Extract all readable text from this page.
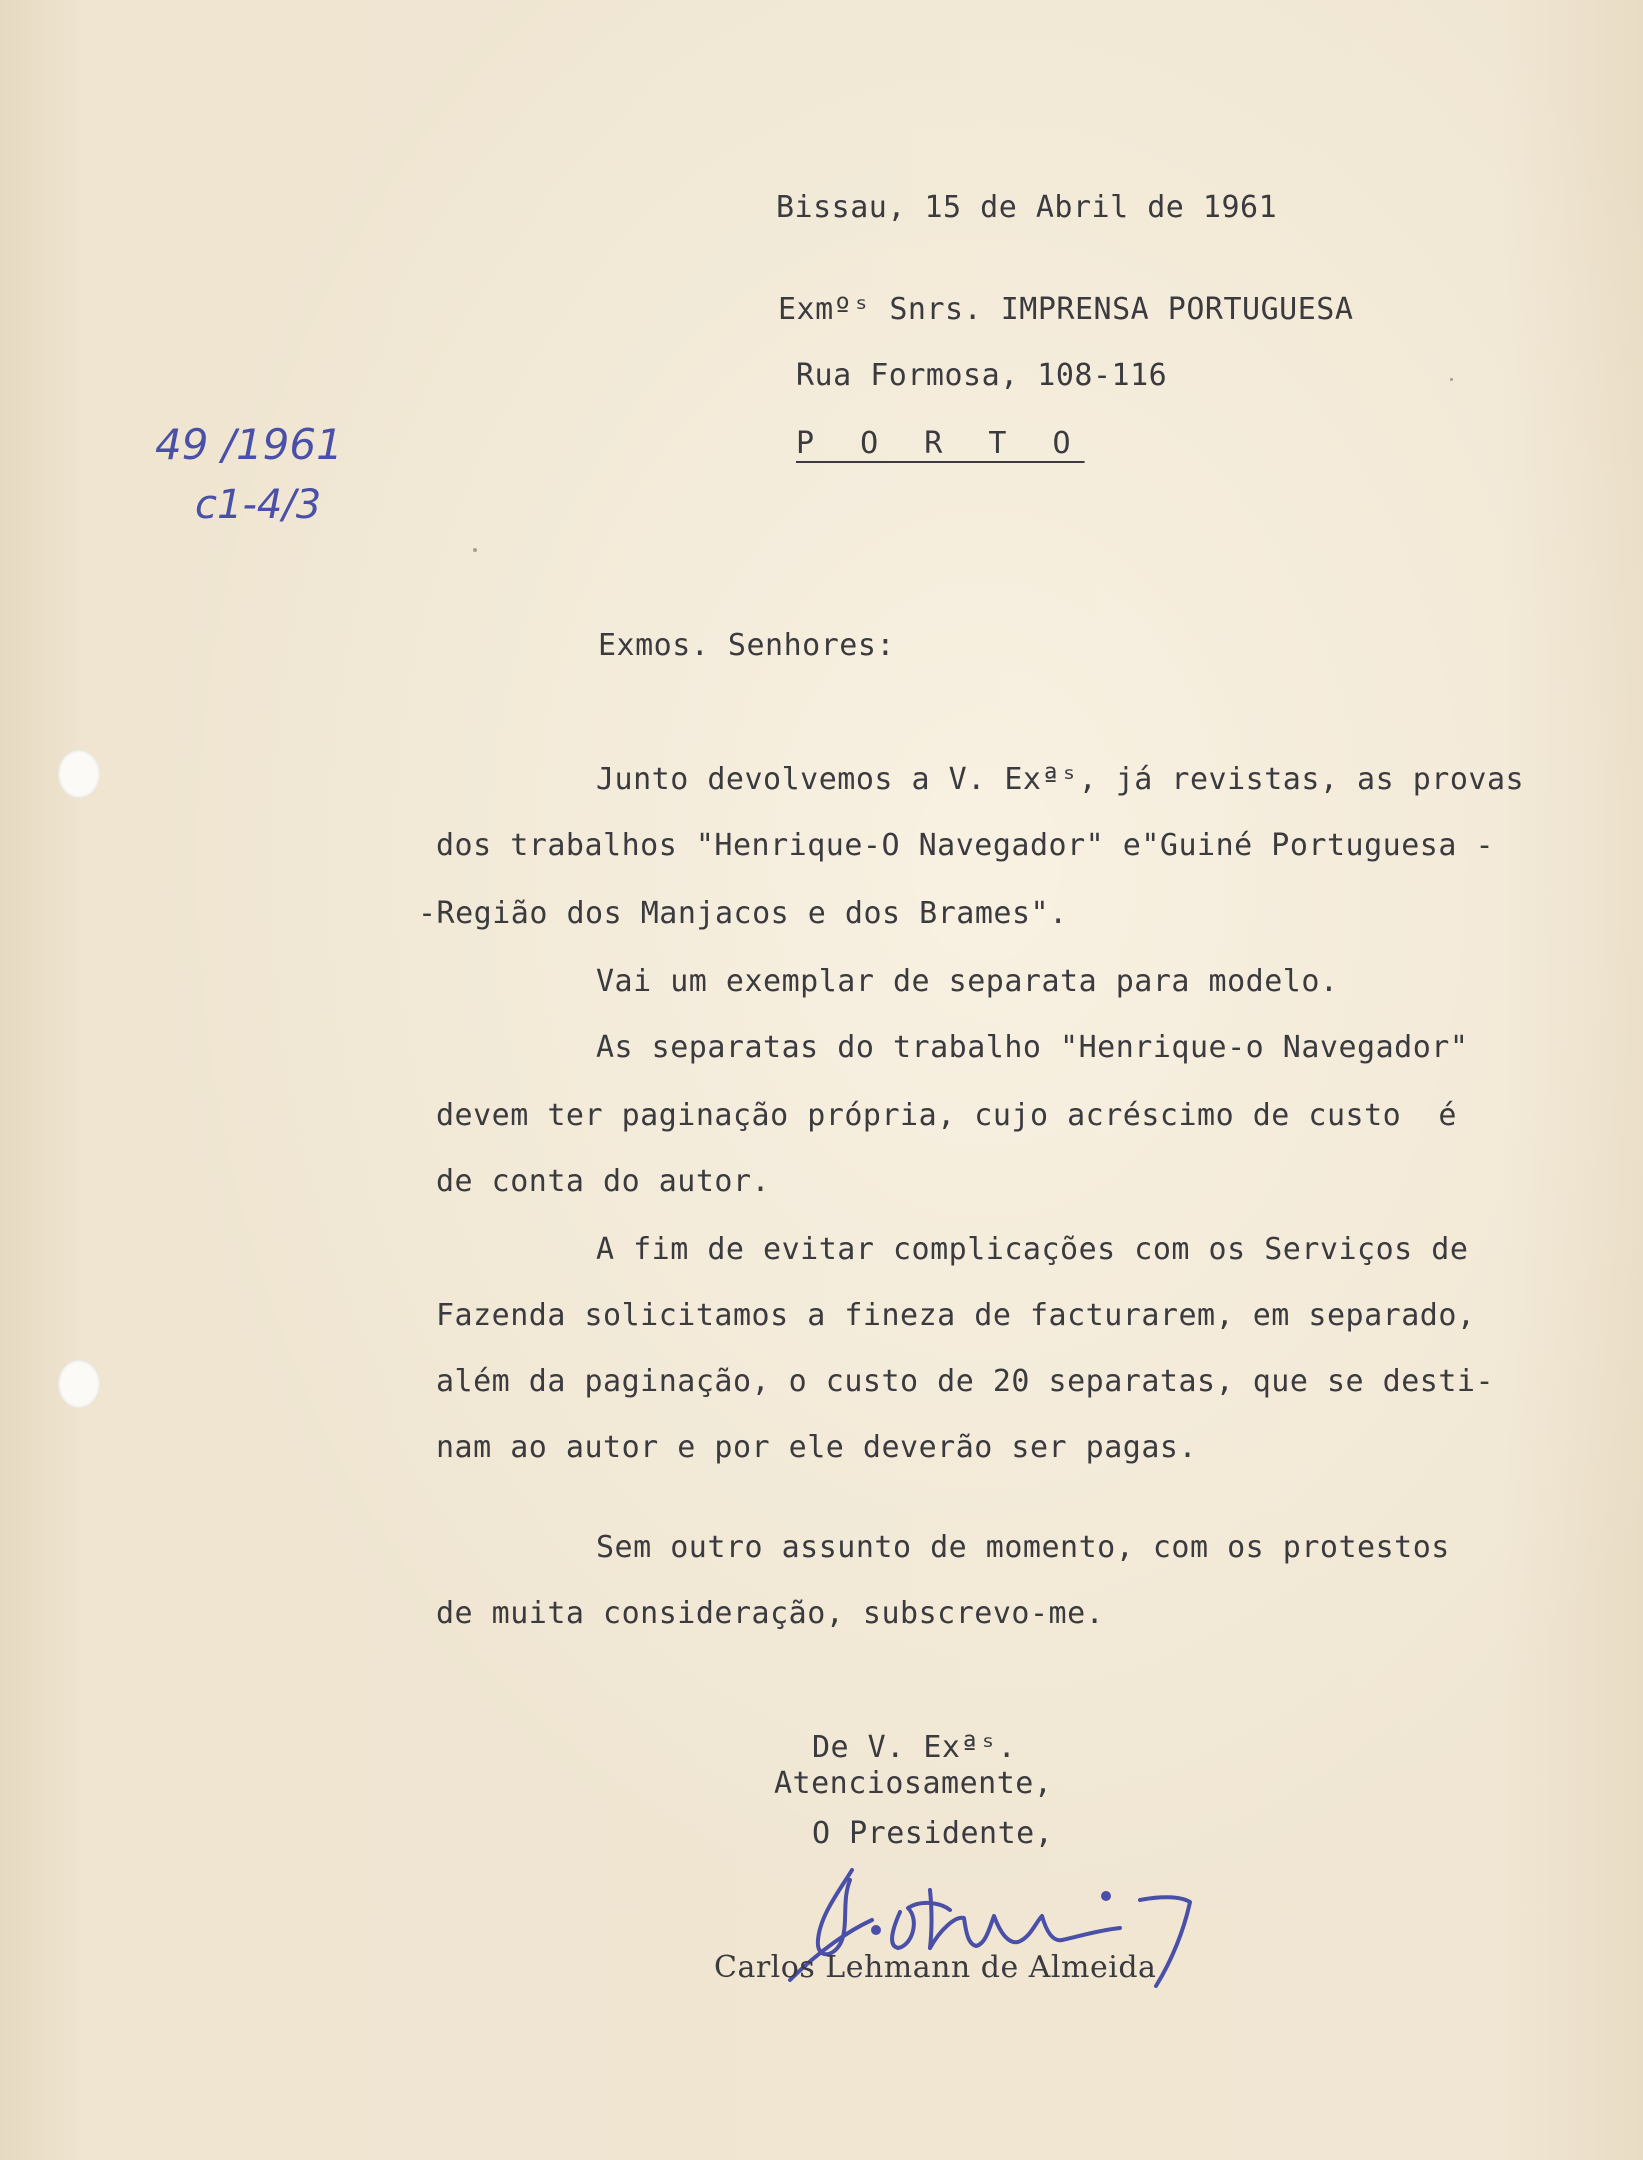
Bissau, 15 de Abril de 1961
Exmºˢ Snrs. IMPRENSA PORTUGUESA
Rua Formosa, 108-116
P O R T O
49 /1961
c1-4/3
Exmos. Senhores:
Junto devolvemos a V. Exªˢ, já revistas, as provas
dos trabalhos "Henrique-O Navegador" e"Guiné Portuguesa -
-Região dos Manjacos e dos Brames".
Vai um exemplar de separata para modelo.
As separatas do trabalho "Henrique-o Navegador"
devem ter paginação própria, cujo acréscimo de custo  é
de conta do autor.
A fim de evitar complicações com os Serviços de
Fazenda solicitamos a fineza de facturarem, em separado,
além da paginação, o custo de 20 separatas, que se desti-
nam ao autor e por ele deverão ser pagas.
Sem outro assunto de momento, com os protestos
de muita consideração, subscrevo-me.
De V. Exªˢ.
Atenciosamente,
O Presidente,
Carlos Lehmann de Almeida
